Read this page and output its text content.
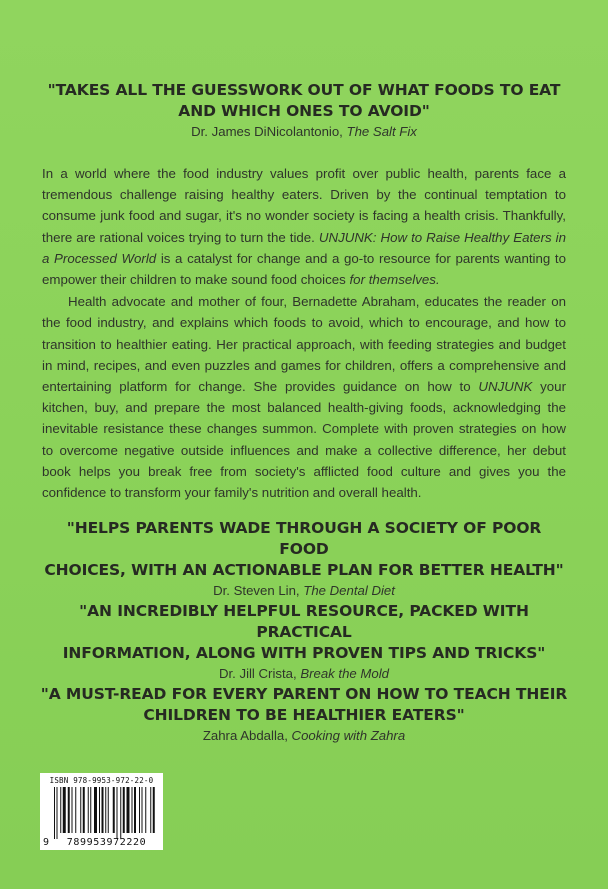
"TAKES ALL THE GUESSWORK OUT OF WHAT FOODS TO EAT
AND WHICH ONES TO AVOID"
Dr. James DiNicolantonio, The Salt Fix

In a world where the food industry values profit over public health, parents face a tremendous challenge raising healthy eaters. Driven by the continual temptation to consume junk food and sugar, it's no wonder society is facing a health crisis. Thankfully, there are rational voices trying to turn the tide. UNJUNK: How to Raise Healthy Eaters in a Processed World is a catalyst for change and a go-to resource for parents wanting to empower their children to make sound food choices for themselves.

Health advocate and mother of four, Bernadette Abraham, educates the reader on the food industry, and explains which foods to avoid, which to encourage, and how to transition to healthier eating. Her practical approach, with feeding strategies and budget in mind, recipes, and even puzzles and games for children, offers a comprehensive and entertaining platform for change. She provides guidance on how to UNJUNK your kitchen, buy, and prepare the most balanced health-giving foods, acknowledging the inevitable resistance these changes summon. Complete with proven strategies on how to overcome negative outside influences and make a collective difference, her debut book helps you break free from society's afflicted food culture and gives you the confidence to transform your family's nutrition and overall health.

"HELPS PARENTS WADE THROUGH A SOCIETY OF POOR FOOD
CHOICES, WITH AN ACTIONABLE PLAN FOR BETTER HEALTH"
Dr. Steven Lin, The Dental Diet
"AN INCREDIBLY HELPFUL RESOURCE, PACKED WITH PRACTICAL
INFORMATION, ALONG WITH PROVEN TIPS AND TRICKS"
Dr. Jill Crista, Break the Mold
"A MUST-READ FOR EVERY PARENT ON HOW TO TEACH THEIR
CHILDREN TO BE HEALTHIER EATERS"
Zahra Abdalla, Cooking with Zahra
ISBN 978-9953-972-22-0
9	789953972220
